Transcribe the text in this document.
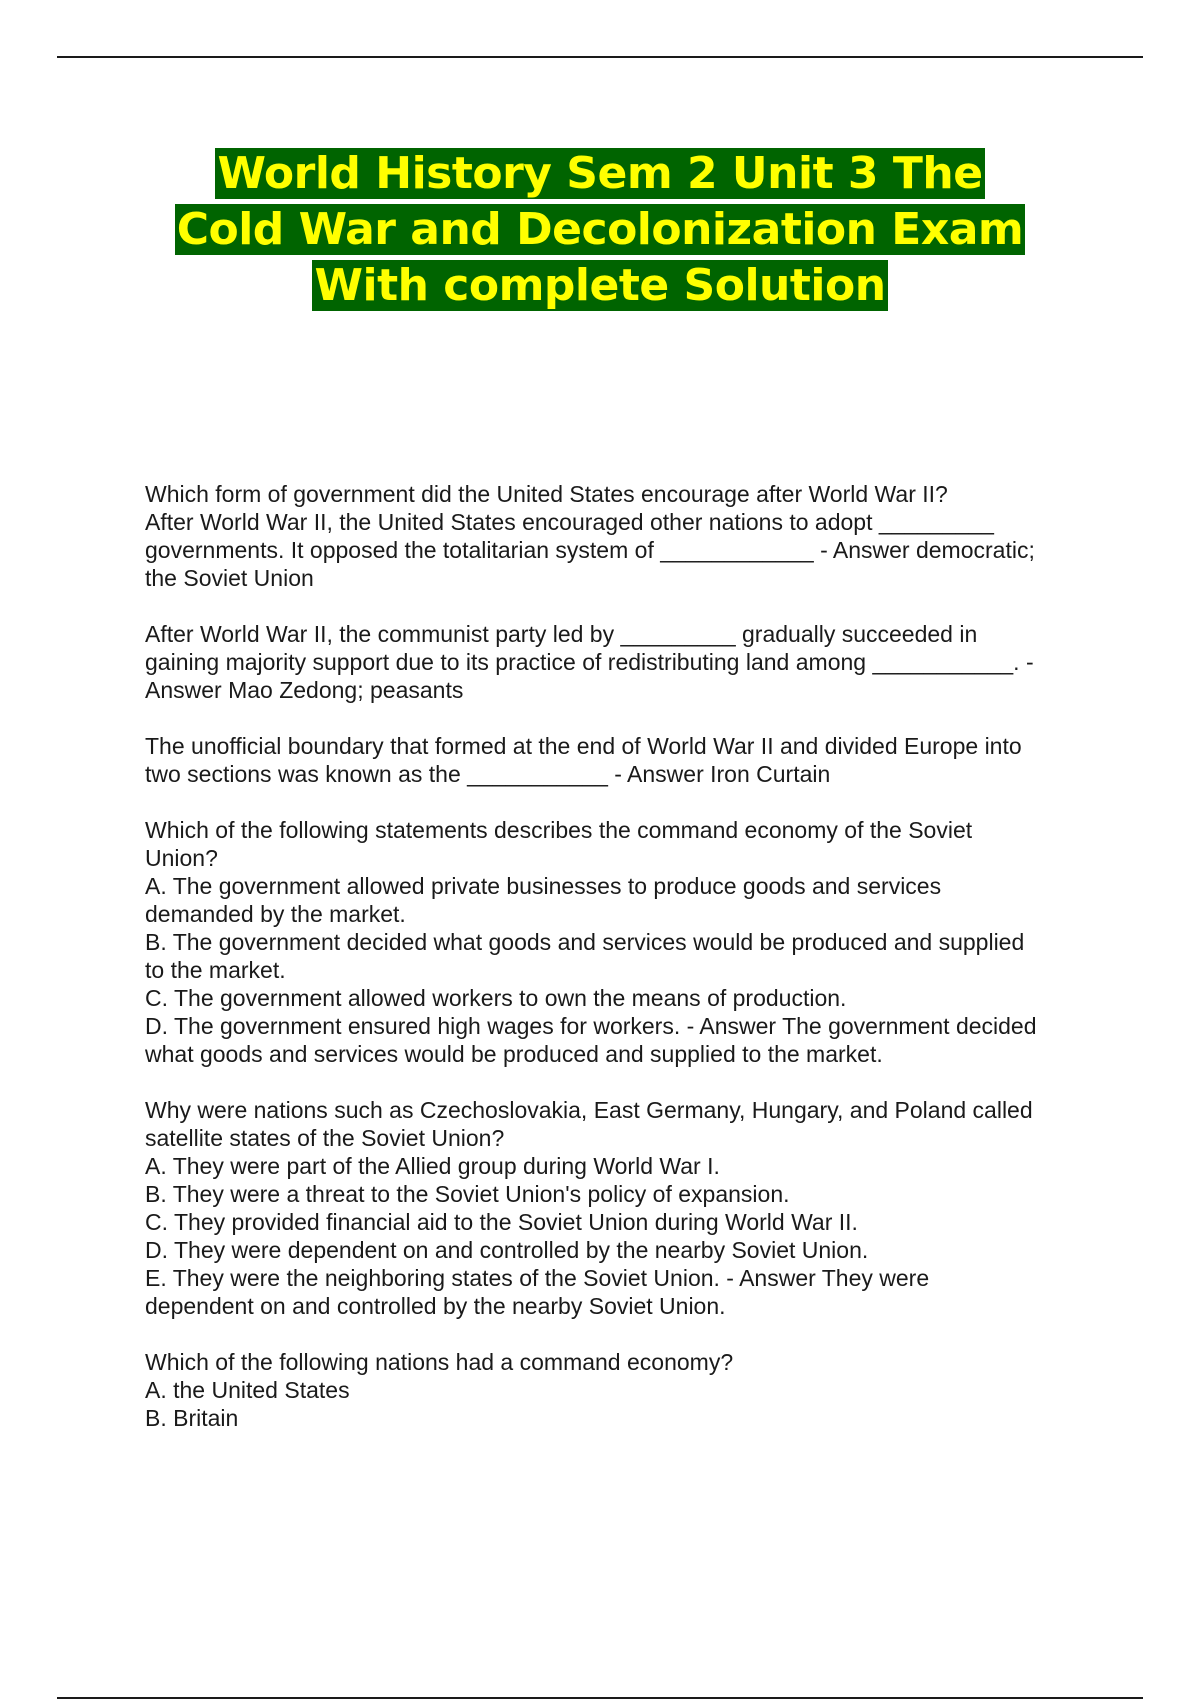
World History Sem 2 Unit 3 The Cold War and Decolonization Exam With complete Solution
Which form of government did the United States encourage after World War II?
After World War II, the United States encouraged other nations to adopt _________
governments. It opposed the totalitarian system of ____________ - Answer democratic;
the Soviet Union
After World War II, the communist party led by _________ gradually succeeded in
gaining majority support due to its practice of redistributing land among ___________. -
Answer Mao Zedong; peasants
The unofficial boundary that formed at the end of World War II and divided Europe into
two sections was known as the ___________ - Answer Iron Curtain
Which of the following statements describes the command economy of the Soviet
Union?
A. The government allowed private businesses to produce goods and services
demanded by the market.
B. The government decided what goods and services would be produced and supplied
to the market.
C. The government allowed workers to own the means of production.
D. The government ensured high wages for workers. - Answer The government decided
what goods and services would be produced and supplied to the market.
Why were nations such as Czechoslovakia, East Germany, Hungary, and Poland called
satellite states of the Soviet Union?
A. They were part of the Allied group during World War I.
B. They were a threat to the Soviet Union's policy of expansion.
C. They provided financial aid to the Soviet Union during World War II.
D. They were dependent on and controlled by the nearby Soviet Union.
E. They were the neighboring states of the Soviet Union. - Answer They were
dependent on and controlled by the nearby Soviet Union.
Which of the following nations had a command economy?
A. the United States
B. Britain
